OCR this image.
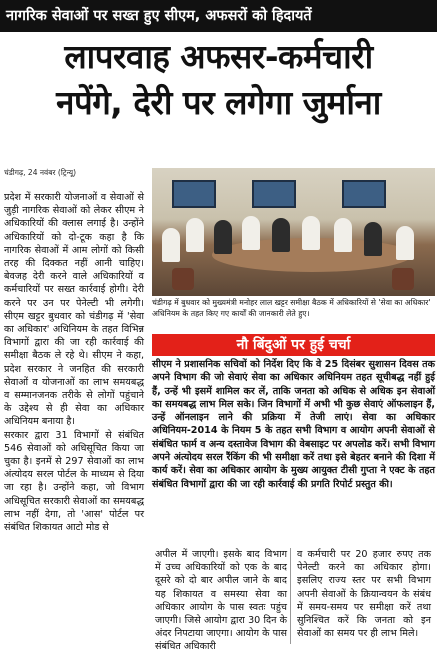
नागरिक सेवाओं पर सख्त हुए सीएम, अफसरों को हिदायतें
लापरवाह अफसर-कर्मचारी
नपेंगे, देरी पर लगेगा जुर्माना
चंडीगढ़, 24 नवंबर (ट्रिन्यू)

प्रदेश में सरकारी योजनाओं व सेवाओं से जुड़ी नागरिक सेवाओं को लेकर सीएम ने अधिकारियों की क्लास लगाई है। उन्होंने अधिकारियों को दो-टूक कहा है कि नागरिक सेवाओं में आम लोगों को किसी तरह की दिक्कत नहीं आनी चाहिए। बेवजह देरी करने वाले अधिकारियों व कर्मचारियों पर सख्त कार्रवाई होगी। देरी करने पर उन पर पेनेल्टी भी लगेगी। सीएम खट्टर बुधवार को चंडीगढ़ में 'सेवा का अधिकार' अधिनियम के तहत विभिन्न विभागों द्वारा की जा रही कार्रवाई की समीक्षा बैठक ले रहे थे। सीएम ने कहा, प्रदेश सरकार ने जनहित की सरकारी सेवाओं व योजनाओं का लाभ समयबद्ध व सम्मानजनक तरीके से लोगों पहुंचाने के उद्देश्य से ही सेवा का अधिकार अधिनियम बनाया है।

सरकार द्वारा 31 विभागों से संबंधित 546 सेवाओं को अधिसूचित किया जा चुका है। इनमें से 297 सेवाओं का लाभ अंत्योदय सरल पोर्टल के माध्यम से दिया जा रहा है। उन्होंने कहा, जो विभाग अधिसूचित सरकारी सेवाओं का समयबद्ध लाभ नहीं देगा, तो 'आस' पोर्टल पर संबंधित शिकायत आटो मोड से

चंडीगढ़ में बुधवार को मुख्यमंत्री मनोहर लाल खट्टर समीक्षा बैठक में अधिकारियों से 'सेवा का अधिकार' अधिनियम के तहत किए गए कार्यों की जानकारी लेते हुए।
नौ बिंदुओं पर हुई चर्चा
सीएम ने प्रशासनिक सचिवों को निर्देश दिए कि वे 25 दिसंबर सुशासन दिवस तक अपने विभाग की जो सेवाएं सेवा का अधिकार अधिनियम तहत सूचीबद्ध नहीं हुई हैं, उन्हें भी इसमें शामिल कर लें, ताकि जनता को अधिक से अधिक इन सेवाओं का समयबद्ध लाभ मिल सके। जिन विभागों में अभी भी कुछ सेवाएं ऑफलाइन हैं, उन्हें ऑनलाइन लाने की प्रक्रिया में तेजी लाएं। सेवा का अधिकार अधिनियम-2014 के नियम 5 के तहत सभी विभाग व आयोग अपनी सेवाओं से संबंधित फार्म व अन्य दस्तावेज विभाग की वेबसाइट पर अपलोड करें। सभी विभाग अपने अंत्योदय सरल रैंकिंग की भी समीक्षा करें तथा इसे बेहतर बनाने की दिशा में कार्य करें। सेवा का अधिकार आयोग के मुख्य आयुक्त टीसी गुप्ता ने एक्ट के तहत संबंधित विभागों द्वारा की जा रही कार्रवाई की प्रगति रिपोर्ट प्रस्तुत की।
अपील में जाएगी। इसके बाद विभाग में उच्च अधिकारियों को एक के बाद दूसरे को दो बार अपील जाने के बाद यह शिकायत व समस्या सेवा का अधिकार आयोग के पास स्वतः पहुंच जाएगी। जिसे आयोग द्वारा 30 दिन के अंदर निपटाया जाएगा। आयोग के पास संबंधित अधिकारी
व कर्मचारी पर 20 हजार रुपए तक पेनेल्टी करने का अधिकार होगा। इसलिए राज्य स्तर पर सभी विभाग अपनी सेवाओं के क्रियान्वयन के संबंध में समय-समय पर समीक्षा करें तथा सुनिश्चित करें कि जनता को इन सेवाओं का समय पर ही लाभ मिले।
